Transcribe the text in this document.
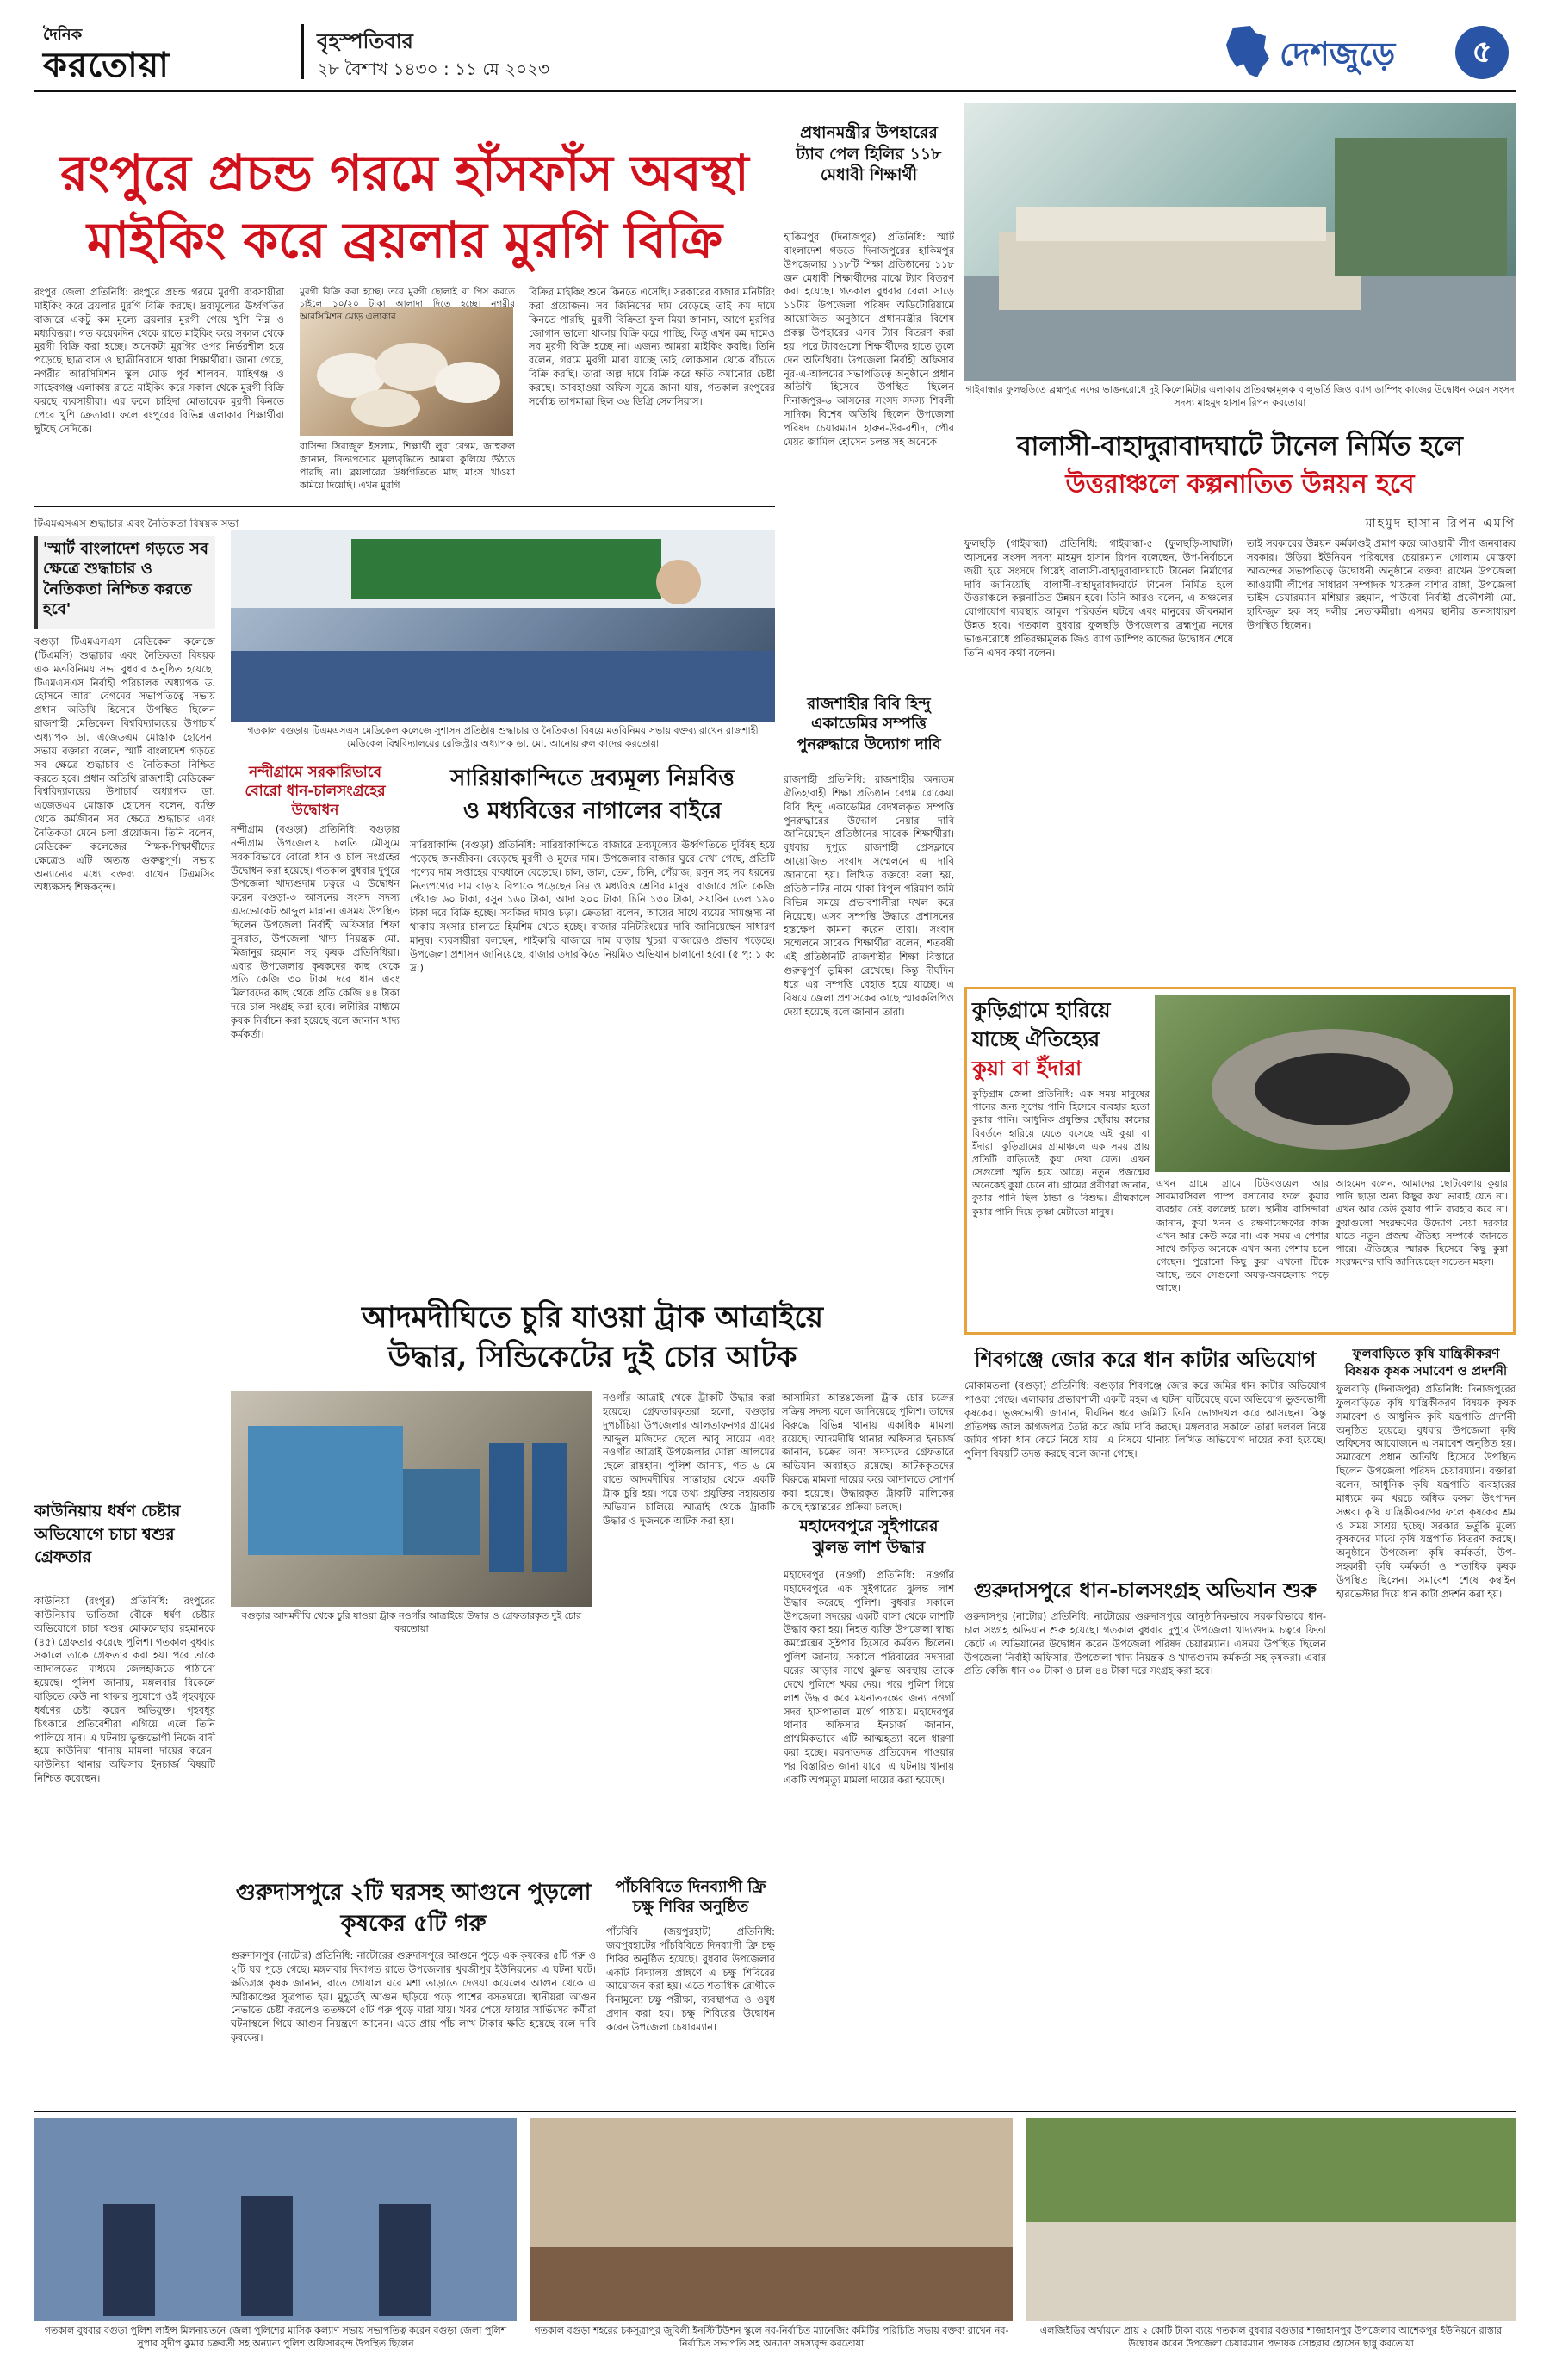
দৈনিক
করতোয়া
বৃহস্পতিবার
২৮ বৈশাখ ১৪৩০ : ১১ মে ২০২৩	দেশজুড়ে	৫
রংপুরে প্রচন্ড গরমে হাঁসফাঁস অবস্থা
মাইকিং করে ব্রয়লার মুরগি বিক্রি
রংপুর জেলা প্রতিনিধি: রংপুরে প্রচন্ড গরমে মুরগী ব্যবসায়ীরা মাইকিং করে ব্রয়লার মুরগি বিক্রি করছে। দ্রব্যমূল্যের ঊর্ধ্বগতির বাজারে একটু কম মূল্যে ব্রয়লার মুরগী পেয়ে খুশি নিম্ন ও মধ্যবিত্তরা। গত কয়েকদিন থেকে রাতে মাইকিং করে সকাল থেকে মুরগী বিক্রি করা হচ্ছে। অনেকটা মুরগির ওপর নির্ভরশীল হয়ে পড়েছে ছাত্রাবাস ও ছাত্রীনিবাসে থাকা শিক্ষার্থীরা। জানা গেছে, নগরীর আরসিমিশন স্কুল মোড় পূর্ব শালবন, মাহিগঞ্জ ও সাহেবগঞ্জ এলাকায় রাতে মাইকিং করে সকাল থেকে মুরগী বিক্রি করছে ব্যবসায়ীরা। এর ফলে চাহিদা মোতাবেক মুরগী কিনতে পেরে খুশি ক্রেতারা। ফলে রংপুরের বিভিন্ন এলাকার শিক্ষার্থীরা ছুটছে সেদিকে।
মুরগী বিক্রি করা হচ্ছে। তবে মুরগী ছোলাই বা পিস করতে চাইলে ১০/২০ টাকা আলাদা দিতে হচ্ছে। নগরীর আরসিমিশন মোড় এলাকার
বাসিন্দা সিরাজুল ইসলাম, শিক্ষার্থী লুবা বেগম, জাহুরুল জানান, নিত্যপণ্যের মূল্যবৃদ্ধিতে আমরা কুলিয়ে উঠতে পারছি না। ব্রয়লারের উর্ধ্বগতিতে মাছ মাংস খাওয়া কমিয়ে দিয়েছি। এখন মুরগি
বিক্রির মাইকিং শুনে কিনতে এসেছি। সরকারের বাজার মনিটরিং করা প্রয়োজন। সব জিনিসের দাম বেড়েছে তাই কম দামে কিনতে পারছি। মুরগী বিক্রিতা ফুল মিয়া জানান, আগে মুরগির জোগান ভালো থাকায় বিক্রি করে পাচ্ছি, কিন্তু এখন কম দামেও সব মুরগী বিক্রি হচ্ছে না। এজন্য আমরা মাইকিং করছি। তিনি বলেন, গরমে মুরগী মারা যাচ্ছে তাই লোকসান থেকে বাঁচতে বিক্রি করছি। তারা অল্প দামে বিক্রি করে ক্ষতি কমানোর চেষ্টা করছে। আবহাওয়া অফিস সূত্রে জানা যায়, গতকাল রংপুরের সর্বোচ্চ তাপমাত্রা ছিল ৩৬ ডিগ্রি সেলসিয়াস।
প্রধানমন্ত্রীর উপহারের ট্যাব পেল হিলির ১১৮ মেধাবী শিক্ষার্থী
হাকিমপুর (দিনাজপুর) প্রতিনিধি: স্মার্ট বাংলাদেশ গড়তে দিনাজপুরের হাকিমপুর উপজেলার ১১৮টি শিক্ষা প্রতিষ্ঠানের ১১৮ জন মেধাবী শিক্ষার্থীদের মাঝে ট্যাব বিতরণ করা হয়েছে। গতকাল বুধবার বেলা সাড়ে ১১টায় উপজেলা পরিষদ অডিটোরিয়ামে আয়োজিত অনুষ্ঠানে প্রধানমন্ত্রীর বিশেষ প্রকল্প উপহারের এসব ট্যাব বিতরণ করা হয়। পরে ট্যাবগুলো শিক্ষার্থীদের হাতে তুলে দেন অতিথিরা। উপজেলা নির্বাহী অফিসার নূর-এ-আলমের সভাপতিত্বে অনুষ্ঠানে প্রধান অতিথি হিসেবে উপস্থিত ছিলেন দিনাজপুর-৬ আসনের সংসদ সদস্য শিবলী সাদিক। বিশেষ অতিথি ছিলেন উপজেলা পরিষদ চেয়ারম্যান হারুন-উর-রশীদ, পৌর মেয়র জামিল হোসেন চলন্ত সহ অনেকে।
গাইবান্ধার ফুলছড়িতে ব্রহ্মপুত্র নদের ভাঙনরোধে দুই কিলোমিটার এলাকায় প্রতিরক্ষামূলক বালুভর্তি জিও ব্যাগ ডাম্পিং কাজের উদ্বোধন করেন সংসদ সদস্য মাহমুদ হাসান রিপন করতোয়া
বালাসী-বাহাদুরাবাদঘাটে টানেল নির্মিত হলে
উত্তরাঞ্চলে কল্পনাতিত উন্নয়ন হবে
মাহমুদ হাসান রিপন এমপি
ফুলছড়ি (গাইবান্ধা) প্রতিনিধি: গাইবান্ধা-৫ (ফুলছড়ি-সাঘাটা) আসনের সংসদ সদস্য মাহমুদ হাসান রিপন বলেছেন, উপ-নির্বাচনে জয়ী হয়ে সংসদে গিয়েই বালাসী-বাহাদুরাবাদঘাটে টানেল নির্মাণের দাবি জানিয়েছি। বালাসী-বাহাদুরাবাদঘাটে টানেল নির্মিত হলে উত্তরাঞ্চলে কল্পনাতিত উন্নয়ন হবে। তিনি আরও বলেন, এ অঞ্চলের যোগাযোগ ব্যবস্থার আমূল পরিবর্তন ঘটবে এবং মানুষের জীবনমান উন্নত হবে। গতকাল বুধবার ফুলছড়ি উপজেলার ব্রহ্মপুত্র নদের ভাঙনরোধে প্রতিরক্ষামূলক জিও ব্যাগ ডাম্পিং কাজের উদ্বোধন শেষে তিনি এসব কথা বলেন।
তাই সরকারের উন্নয়ন কর্মকাণ্ডই প্রমাণ করে আওয়ামী লীগ জনবান্ধব সরকার। উড়িয়া ইউনিয়ন পরিষদের চেয়ারম্যান গোলাম মোস্তফা আকন্দের সভাপতিত্বে উদ্বোধনী অনুষ্ঠানে বক্তব্য রাখেন উপজেলা আওয়ামী লীগের সাধারণ সম্পাদক খায়রুল বাশার রাঙ্গা, উপজেলা ভাইস চেয়ারম্যান মশিয়ার রহমান, পাউবো নির্বাহী প্রকৌশলী মো. হাফিজুল হক সহ দলীয় নেতাকর্মীরা। এসময় স্থানীয় জনসাধারণ উপস্থিত ছিলেন।
টিএমএসএস শুদ্ধাচার এবং নৈতিকতা বিষয়ক সভা
'স্মার্ট বাংলাদেশ গড়তে সব ক্ষেত্রে শুদ্ধাচার ও নৈতিকতা নিশ্চিত করতে হবে'
বগুড়া টিএমএসএস মেডিকেল কলেজে (টিএমসি) শুদ্ধাচার এবং নৈতিকতা বিষয়ক এক মতবিনিময় সভা বুধবার অনুষ্ঠিত হয়েছে। টিএমএসএস নির্বাহী পরিচালক অধ্যাপক ড. হোসনে আরা বেগমের সভাপতিত্বে সভায় প্রধান অতিথি হিসেবে উপস্থিত ছিলেন রাজশাহী মেডিকেল বিশ্ববিদ্যালয়ের উপাচার্য অধ্যাপক ডা. এজেডএম মোস্তাক হোসেন। সভায় বক্তারা বলেন, স্মার্ট বাংলাদেশ গড়তে সব ক্ষেত্রে শুদ্ধাচার ও নৈতিকতা নিশ্চিত করতে হবে। প্রধান অতিথি রাজশাহী মেডিকেল বিশ্ববিদ্যালয়ের উপাচার্য অধ্যাপক ডা. এজেডএম মোস্তাক হোসেন বলেন, ব্যক্তি থেকে কর্মজীবন সব ক্ষেত্রে শুদ্ধাচার এবং নৈতিকতা মেনে চলা প্রয়োজন। তিনি বলেন, মেডিকেল কলেজের শিক্ষক-শিক্ষার্থীদের ক্ষেত্রেও এটি অত্যন্ত গুরুত্বপূর্ণ। সভায় অন্যান্যের মধ্যে বক্তব্য রাখেন টিএমসির অধ্যক্ষসহ শিক্ষকবৃন্দ।
গতকাল বগুড়ায় টিএমএসএস মেডিকেল কলেজে সুশাসন প্রতিষ্ঠায় শুদ্ধাচার ও নৈতিকতা বিষয়ে মতবিনিময় সভায় বক্তব্য রাখেন রাজশাহী মেডিকেল বিশ্ববিদ্যালয়ের রেজিস্ট্রার অধ্যাপক ডা. মো. আনোয়ারুল কাদের করতোয়া
রাজশাহীর বিবি হিন্দু একাডেমির সম্পত্তি পুনরুদ্ধারে উদ্যোগ দাবি
রাজশাহী প্রতিনিধি: রাজশাহীর অন্যতম ঐতিহ্যবাহী শিক্ষা প্রতিষ্ঠান বেগম রোকেয়া বিবি হিন্দু একাডেমির বেদখলকৃত সম্পত্তি পুনরুদ্ধারের উদ্যোগ নেয়ার দাবি জানিয়েছেন প্রতিষ্ঠানের সাবেক শিক্ষার্থীরা। বুধবার দুপুরে রাজশাহী প্রেসক্লাবে আয়োজিত সংবাদ সম্মেলনে এ দাবি জানানো হয়। লিখিত বক্তব্যে বলা হয়, প্রতিষ্ঠানটির নামে থাকা বিপুল পরিমাণ জমি বিভিন্ন সময়ে প্রভাবশালীরা দখল করে নিয়েছে। এসব সম্পত্তি উদ্ধারে প্রশাসনের হস্তক্ষেপ কামনা করেন তারা। সংবাদ সম্মেলনে সাবেক শিক্ষার্থীরা বলেন, শতবর্ষী এই প্রতিষ্ঠানটি রাজশাহীর শিক্ষা বিস্তারে গুরুত্বপূর্ণ ভূমিকা রেখেছে। কিন্তু দীর্ঘদিন ধরে এর সম্পত্তি বেহাত হয়ে যাচ্ছে। এ বিষয়ে জেলা প্রশাসকের কাছে স্মারকলিপিও দেয়া হয়েছে বলে জানান তারা।
নন্দীগ্রামে সরকারিভাবে বোরো ধান-চালসংগ্রহের উদ্বোধন
নন্দীগ্রাম (বগুড়া) প্রতিনিধি: বগুড়ার নন্দীগ্রাম উপজেলায় চলতি মৌসুমে সরকারিভাবে বোরো ধান ও চাল সংগ্রহের উদ্বোধন করা হয়েছে। গতকাল বুধবার দুপুরে উপজেলা খাদ্যগুদাম চত্বরে এ উদ্বোধন করেন বগুড়া-৩ আসনের সংসদ সদস্য এডভোকেট আব্দুল মান্নান। এসময় উপস্থিত ছিলেন উপজেলা নির্বাহী অফিসার শিফা নুসরাত, উপজেলা খাদ্য নিয়ন্ত্রক মো. মিজানুর রহমান সহ কৃষক প্রতিনিধিরা। এবার উপজেলায় কৃষকদের কাছ থেকে প্রতি কেজি ৩০ টাকা দরে ধান এবং মিলারদের কাছ থেকে প্রতি কেজি ৪৪ টাকা দরে চাল সংগ্রহ করা হবে। লটারির মাধ্যমে কৃষক নির্বাচন করা হয়েছে বলে জানান খাদ্য কর্মকর্তা।
সারিয়াকান্দিতে দ্রব্যমূল্য নিম্নবিত্ত
ও মধ্যবিত্তের নাগালের বাইরে
সারিয়াকান্দি (বগুড়া) প্রতিনিধি: সারিয়াকান্দিতে বাজারে দ্রব্যমূল্যের ঊর্ধ্বগতিতে দুর্বিষহ হয়ে পড়েছে জনজীবন। বেড়েছে মুরগী ও মুদের দাম। উপজেলার বাজার ঘুরে দেখা গেছে, প্রতিটি পণ্যের দাম সপ্তাহের ব্যবধানে বেড়েছে। চাল, ডাল, তেল, চিনি, পেঁয়াজ, রসুন সহ সব ধরনের নিত্যপণ্যের দাম বাড়ায় বিপাকে পড়েছেন নিম্ন ও মধ্যবিত্ত শ্রেণির মানুষ। বাজারে প্রতি কেজি পেঁয়াজ ৬০ টাকা, রসুন ১৬০ টাকা, আদা ২০০ টাকা, চিনি ১৩০ টাকা, সয়াবিন তেল ১৯০ টাকা দরে বিক্রি হচ্ছে। সবজির দামও চড়া। ক্রেতারা বলেন, আয়ের সাথে ব্যয়ের সামঞ্জস্য না থাকায় সংসার চালাতে হিমশিম খেতে হচ্ছে। বাজার মনিটরিংয়ের দাবি জানিয়েছেন সাধারণ মানুষ। ব্যবসায়ীরা বলছেন, পাইকারি বাজারে দাম বাড়ায় খুচরা বাজারেও প্রভাব পড়েছে। উপজেলা প্রশাসন জানিয়েছে, বাজার তদারকিতে নিয়মিত অভিযান চালানো হবে। (৫ পৃ: ১ ক: দ্র:)
আদমদীঘিতে চুরি যাওয়া ট্রাক আত্রাইয়ে
উদ্ধার, সিন্ডিকেটের দুই চোর আটক
বগুড়ার আদমদীঘি থেকে চুরি যাওয়া ট্রাক নওগাঁর আত্রাইয়ে উদ্ধার ও গ্রেফতারকৃত দুই চোর করতোয়া
নওগাঁর আত্রাই থেকে ট্রাকটি উদ্ধার করা হয়েছে। গ্রেফতারকৃতরা হলো, বগুড়ার দুপচাঁচিয়া উপজেলার আলতাফনগর গ্রামের আব্দুল মজিদের ছেলে আবু সায়েম এবং নওগাঁর আত্রাই উপজেলার মোল্লা আলমের ছেলে রায়হান। পুলিশ জানায়, গত ৬ মে রাতে আদমদীঘির সান্তাহার থেকে একটি ট্রাক চুরি হয়। পরে তথ্য প্রযুক্তির সহায়তায় অভিযান চালিয়ে আত্রাই থেকে ট্রাকটি উদ্ধার ও দুজনকে আটক করা হয়।
আসামিরা আন্তঃজেলা ট্রাক চোর চক্রের সক্রিয় সদস্য বলে জানিয়েছে পুলিশ। তাদের বিরুদ্ধে বিভিন্ন থানায় একাধিক মামলা রয়েছে। আদমদীঘি থানার অফিসার ইনচার্জ জানান, চক্রের অন্য সদস্যদের গ্রেফতারে অভিযান অব্যাহত রয়েছে। আটককৃতদের বিরুদ্ধে মামলা দায়ের করে আদালতে সোপর্দ করা হয়েছে। উদ্ধারকৃত ট্রাকটি মালিকের কাছে হস্তান্তরের প্রক্রিয়া চলছে।
কাউনিয়ায় ধর্ষণ চেষ্টার অভিযোগে চাচা শ্বশুর গ্রেফতার
কাউনিয়া (রংপুর) প্রতিনিধি: রংপুরের কাউনিয়ায় ভাতিজা বৌকে ধর্ষণ চেষ্টার অভিযোগে চাচা শ্বশুর মোকলেছার রহমানকে (৪৫) গ্রেফতার করেছে পুলিশ। গতকাল বুধবার সকালে তাকে গ্রেফতার করা হয়। পরে তাকে আদালতের মাধ্যমে জেলহাজতে পাঠানো হয়েছে। পুলিশ জানায়, মঙ্গলবার বিকেলে বাড়িতে কেউ না থাকার সুযোগে ওই গৃহবধূকে ধর্ষণের চেষ্টা করেন অভিযুক্ত। গৃহবধূর চিৎকারে প্রতিবেশীরা এগিয়ে এলে তিনি পালিয়ে যান। এ ঘটনায় ভুক্তভোগী নিজে বাদী হয়ে কাউনিয়া থানায় মামলা দায়ের করেন। কাউনিয়া থানার অফিসার ইনচার্জ বিষয়টি নিশ্চিত করেছেন।
গুরুদাসপুরে ২টি ঘরসহ আগুনে পুড়লো কৃষকের ৫টি গরু
গুরুদাসপুর (নাটোর) প্রতিনিধি: নাটোরের গুরুদাসপুরে আগুনে পুড়ে এক কৃষকের ৫টি গরু ও ২টি ঘর পুড়ে গেছে। মঙ্গলবার দিবাগত রাতে উপজেলার খুবজীপুর ইউনিয়নের এ ঘটনা ঘটে। ক্ষতিগ্রস্ত কৃষক জানান, রাতে গোয়াল ঘরে মশা তাড়াতে দেওয়া কয়েলের আগুন থেকে এ অগ্নিকাণ্ডের সূত্রপাত হয়। মুহূর্তেই আগুন ছড়িয়ে পড়ে পাশের বসতঘরে। স্থানীয়রা আগুন নেভাতে চেষ্টা করলেও ততক্ষণে ৫টি গরু পুড়ে মারা যায়। খবর পেয়ে ফায়ার সার্ভিসের কর্মীরা ঘটনাস্থলে গিয়ে আগুন নিয়ন্ত্রণে আনেন। এতে প্রায় পাঁচ লাখ টাকার ক্ষতি হয়েছে বলে দাবি কৃষকের।
পাঁচবিবিতে দিনব্যাপী ফ্রি চক্ষু শিবির অনুষ্ঠিত
পাঁচবিবি (জয়পুরহাট) প্রতিনিধি: জয়পুরহাটের পাঁচবিবিতে দিনব্যাপী ফ্রি চক্ষু শিবির অনুষ্ঠিত হয়েছে। বুধবার উপজেলার একটি বিদ্যালয় প্রাঙ্গণে এ চক্ষু শিবিরের আয়োজন করা হয়। এতে শতাধিক রোগীকে বিনামূল্যে চক্ষু পরীক্ষা, ব্যবস্থাপত্র ও ওষুধ প্রদান করা হয়। চক্ষু শিবিরের উদ্বোধন করেন উপজেলা চেয়ারম্যান।
মহাদেবপুরে সুইপারের ঝুলন্ত লাশ উদ্ধার
মহাদেবপুর (নওগাঁ) প্রতিনিধি: নওগাঁর মহাদেবপুরে এক সুইপারের ঝুলন্ত লাশ উদ্ধার করেছে পুলিশ। বুধবার সকালে উপজেলা সদরের একটি বাসা থেকে লাশটি উদ্ধার করা হয়। নিহত ব্যক্তি উপজেলা স্বাস্থ্য কমপ্লেক্সের সুইপার হিসেবে কর্মরত ছিলেন। পুলিশ জানায়, সকালে পরিবারের সদস্যরা ঘরের আড়ার সাথে ঝুলন্ত অবস্থায় তাকে দেখে পুলিশে খবর দেয়। পরে পুলিশ গিয়ে লাশ উদ্ধার করে ময়নাতদন্তের জন্য নওগাঁ সদর হাসপাতাল মর্গে পাঠায়। মহাদেবপুর থানার অফিসার ইনচার্জ জানান, প্রাথমিকভাবে এটি আত্মহত্যা বলে ধারণা করা হচ্ছে। ময়নাতদন্ত প্রতিবেদন পাওয়ার পর বিস্তারিত জানা যাবে। এ ঘটনায় থানায় একটি অপমৃত্যু মামলা দায়ের করা হয়েছে।
কুড়িগ্রামে হারিয়ে
যাচ্ছে ঐতিহ্যের
কুয়া বা ইঁদারা
কুড়িগ্রাম জেলা প্রতিনিধি: এক সময় মানুষের পানের জন্য সুপেয় পানি হিসেবে ব্যবহার হতো কুয়ার পানি। আধুনিক প্রযুক্তির ছোঁয়ায় কালের বিবর্তনে হারিয়ে যেতে বসেছে এই কুয়া বা ইঁদারা। কুড়িগ্রামের গ্রামাঞ্চলে এক সময় প্রায় প্রতিটি বাড়িতেই কুয়া দেখা যেত। এখন সেগুলো স্মৃতি হয়ে আছে। নতুন প্রজন্মের অনেকেই কুয়া চেনে না। গ্রামের প্রবীণরা জানান, কুয়ার পানি ছিল ঠান্ডা ও বিশুদ্ধ। গ্রীষ্মকালে কুয়ার পানি দিয়ে তৃষ্ণা মেটাতো মানুষ।
এখন গ্রামে গ্রামে টিউবওয়েল আর সাবমারসিবল পাম্প বসানোর ফলে কুয়ার ব্যবহার নেই বললেই চলে। স্থানীয় বাসিন্দারা জানান, কুয়া খনন ও রক্ষণাবেক্ষণের কাজ এখন আর কেউ করে না। এক সময় এ পেশার সাথে জড়িত অনেকে এখন অন্য পেশায় চলে গেছেন। পুরোনো কিছু কুয়া এখনো টিকে আছে, তবে সেগুলো অযত্ন-অবহেলায় পড়ে আছে।
আহমেদ বলেন, আমাদের ছোটবেলায় কুয়ার পানি ছাড়া অন্য কিছুর কথা ভাবাই যেত না। এখন আর কেউ কুয়ার পানি ব্যবহার করে না। কুয়াগুলো সংরক্ষণের উদ্যোগ নেয়া দরকার যাতে নতুন প্রজন্ম ঐতিহ্য সম্পর্কে জানতে পারে। ঐতিহ্যের স্মারক হিসেবে কিছু কুয়া সংরক্ষণের দাবি জানিয়েছেন সচেতন মহল।
শিবগঞ্জে জোর করে ধান কাটার অভিযোগ
মোকামতলা (বগুড়া) প্রতিনিধি: বগুড়ার শিবগঞ্জে জোর করে জমির ধান কাটার অভিযোগ পাওয়া গেছে। এলাকার প্রভাবশালী একটি মহল এ ঘটনা ঘটিয়েছে বলে অভিযোগ ভুক্তভোগী কৃষকের। ভুক্তভোগী জানান, দীর্ঘদিন ধরে জমিটি তিনি ভোগদখল করে আসছেন। কিন্তু প্রতিপক্ষ জাল কাগজপত্র তৈরি করে জমি দাবি করছে। মঙ্গলবার সকালে তারা দলবল নিয়ে জমির পাকা ধান কেটে নিয়ে যায়। এ বিষয়ে থানায় লিখিত অভিযোগ দায়ের করা হয়েছে। পুলিশ বিষয়টি তদন্ত করছে বলে জানা গেছে।
গুরুদাসপুরে ধান-চালসংগ্রহ অভিযান শুরু
গুরুদাসপুর (নাটোর) প্রতিনিধি: নাটোরের গুরুদাসপুরে আনুষ্ঠানিকভাবে সরকারিভাবে ধান-চাল সংগ্রহ অভিযান শুরু হয়েছে। গতকাল বুধবার দুপুরে উপজেলা খাদ্যগুদাম চত্বরে ফিতা কেটে এ অভিযানের উদ্বোধন করেন উপজেলা পরিষদ চেয়ারম্যান। এসময় উপস্থিত ছিলেন উপজেলা নির্বাহী অফিসার, উপজেলা খাদ্য নিয়ন্ত্রক ও খাদ্যগুদাম কর্মকর্তা সহ কৃষকরা। এবার প্রতি কেজি ধান ৩০ টাকা ও চাল ৪৪ টাকা দরে সংগ্রহ করা হবে।
ফুলবাড়িতে কৃষি যান্ত্রিকীকরণ বিষয়ক কৃষক সমাবেশ ও প্রদর্শনী
ফুলবাড়ি (দিনাজপুর) প্রতিনিধি: দিনাজপুরের ফুলবাড়িতে কৃষি যান্ত্রিকীকরণ বিষয়ক কৃষক সমাবেশ ও আধুনিক কৃষি যন্ত্রপাতি প্রদর্শনী অনুষ্ঠিত হয়েছে। বুধবার উপজেলা কৃষি অফিসের আয়োজনে এ সমাবেশ অনুষ্ঠিত হয়। সমাবেশে প্রধান অতিথি হিসেবে উপস্থিত ছিলেন উপজেলা পরিষদ চেয়ারম্যান। বক্তারা বলেন, আধুনিক কৃষি যন্ত্রপাতি ব্যবহারের মাধ্যমে কম খরচে অধিক ফসল উৎপাদন সম্ভব। কৃষি যান্ত্রিকীকরণের ফলে কৃষকের শ্রম ও সময় সাশ্রয় হচ্ছে। সরকার ভর্তুকি মূল্যে কৃষকদের মাঝে কৃষি যন্ত্রপাতি বিতরণ করছে। অনুষ্ঠানে উপজেলা কৃষি কর্মকর্তা, উপ-সহকারী কৃষি কর্মকর্তা ও শতাধিক কৃষক উপস্থিত ছিলেন। সমাবেশ শেষে কম্বাইন হারভেস্টার দিয়ে ধান কাটা প্রদর্শন করা হয়।
গতকাল বুধবার বগুড়া পুলিশ লাইন্স মিলনায়তনে জেলা পুলিশের মাসিক কল্যাণ সভায় সভাপতিত্ব করেন বগুড়া জেলা পুলিশ সুপার সুদীপ কুমার চক্রবর্তী সহ অন্যান্য পুলিশ অফিসারবৃন্দ উপস্থিত ছিলেন
গতকাল বগুড়া শহরের চকসূত্রাপুর জুবিলী ইনস্টিটিউশন স্কুলে নব-নির্বাচিত ম্যানেজিং কমিটির পরিচিতি সভায় বক্তব্য রাখেন নব-নির্বাচিত সভাপতি সহ অন্যান্য সদস্যবৃন্দ করতোয়া
এলজিইডির অর্থায়নে প্রায় ২ কোটি টাকা ব্যয়ে গতকাল বুধবার বগুড়ার শাজাহানপুর উপজেলার আশেকপুর ইউনিয়নে রাস্তার উদ্বোধন করেন উপজেলা চেয়ারম্যান প্রভাষক সোহরাব হোসেন ছান্নু করতোয়া
